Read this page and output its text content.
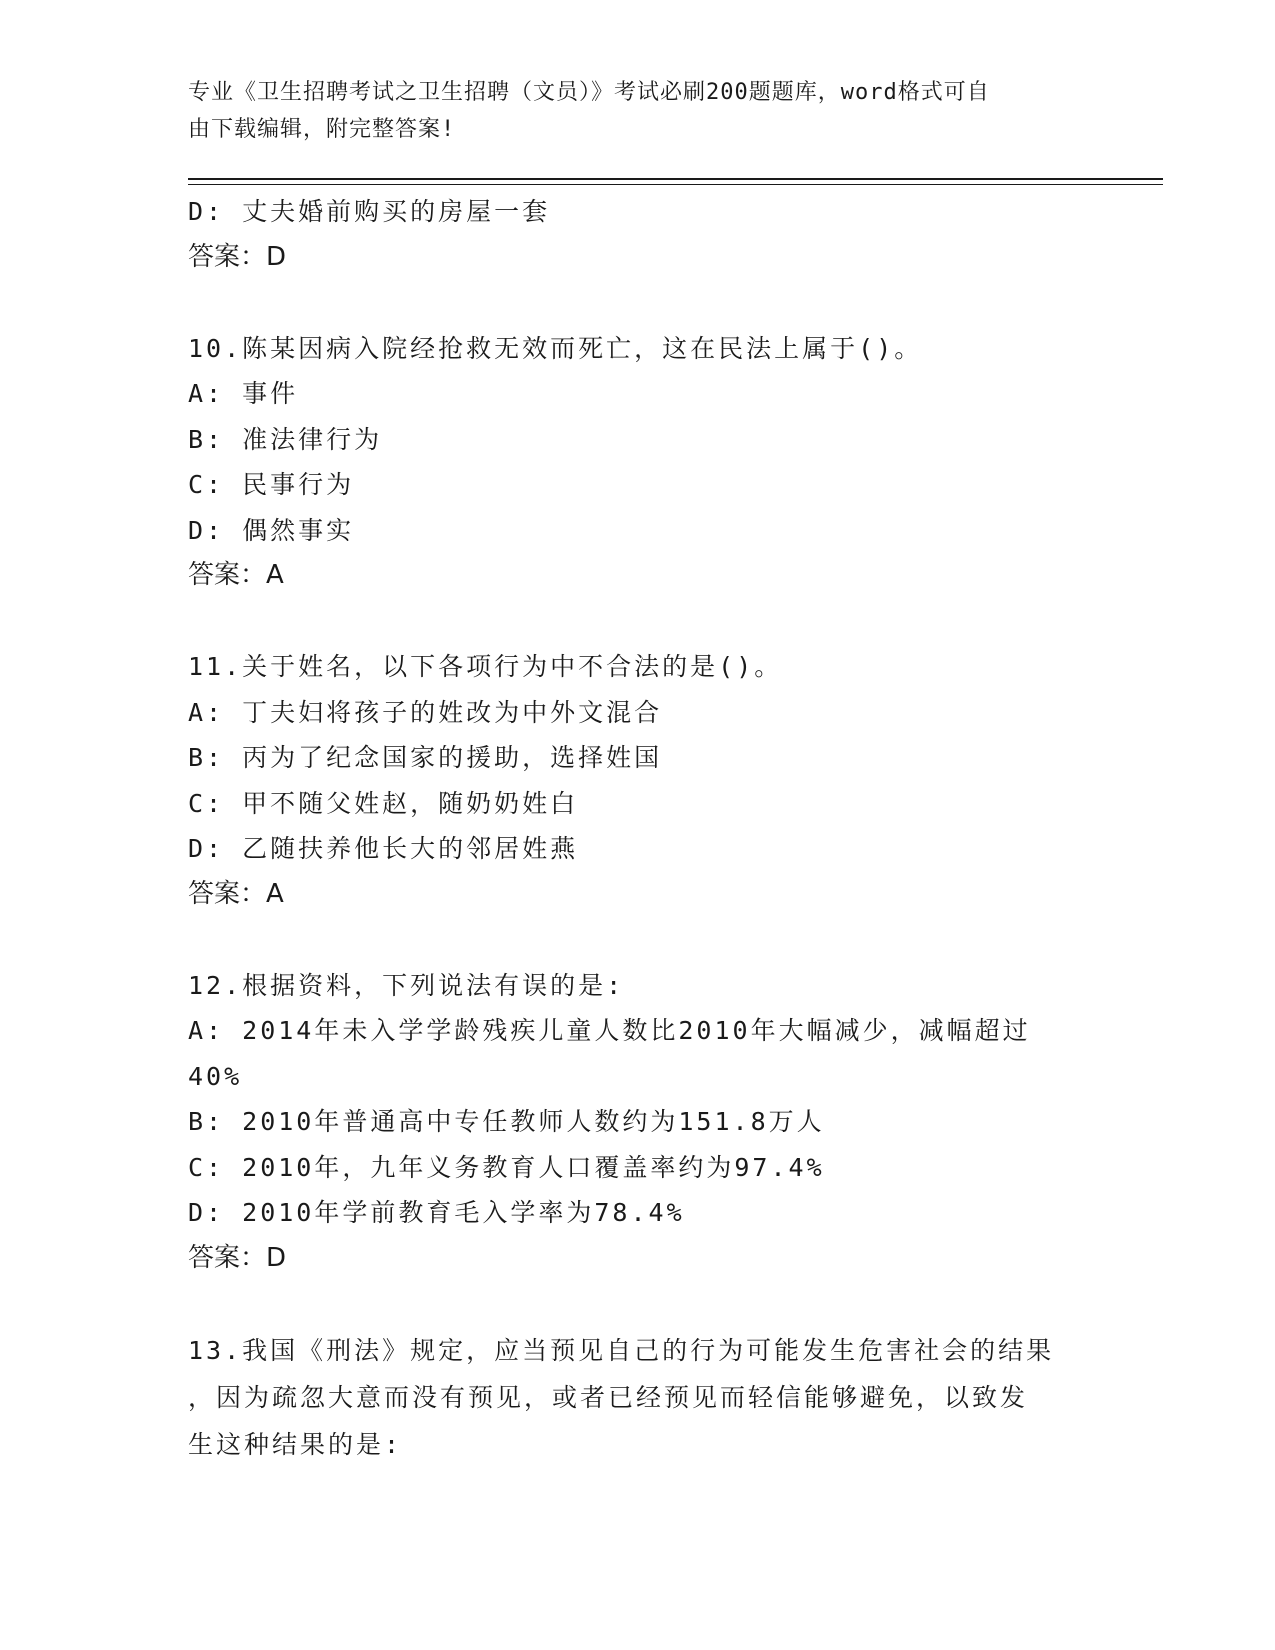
专业《卫生招聘考试之卫生招聘（文员）》考试必刷200题题库，word格式可自
由下载编辑，附完整答案!
D: 丈夫婚前购买的房屋一套
答案：D
10.陈某因病入院经抢救无效而死亡，这在民法上属于()。
A: 事件
B: 准法律行为
C: 民事行为
D: 偶然事实
答案：A
11.关于姓名，以下各项行为中不合法的是()。
A: 丁夫妇将孩子的姓改为中外文混合
B: 丙为了纪念国家的援助，选择姓国
C: 甲不随父姓赵，随奶奶姓白
D: 乙随扶养他长大的邻居姓燕
答案：A
12.根据资料，下列说法有误的是:
A: 2014年未入学学龄残疾儿童人数比2010年大幅减少，减幅超过
40%
B: 2010年普通高中专任教师人数约为151.8万人
C: 2010年，九年义务教育人口覆盖率约为97.4%
D: 2010年学前教育毛入学率为78.4%
答案：D
13.我国《刑法》规定，应当预见自己的行为可能发生危害社会的结果
，因为疏忽大意而没有预见，或者已经预见而轻信能够避免，以致发
生这种结果的是:
